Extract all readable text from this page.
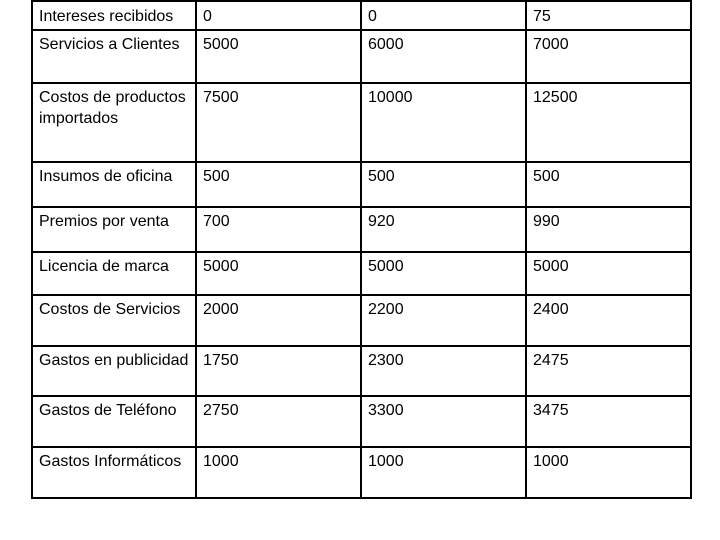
Intereses recibidos	0	0	75
Servicios a Clientes	5000	6000	7000
Costos de productos importados	7500	10000	12500
Insumos de oficina	500	500	500
Premios por venta	700	920	990
Licencia de marca	5000	5000	5000
Costos de Servicios	2000	2200	2400
Gastos en publicidad	1750	2300	2475
Gastos de Teléfono	2750	3300	3475
Gastos Informáticos	1000	1000	1000
